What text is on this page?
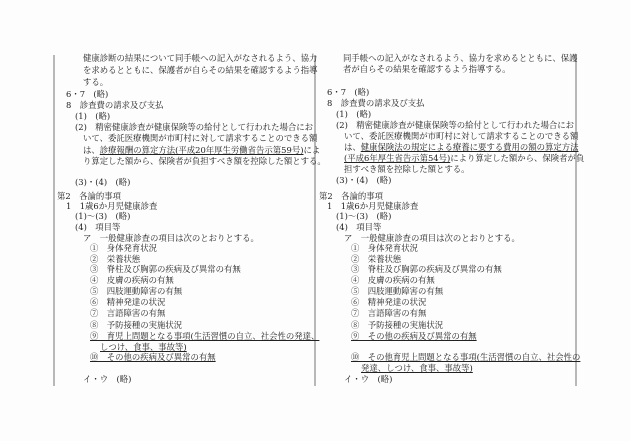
健康診断の結果について同手帳への記入がなされるよう、協力
を求めるとともに、保護者が自らその結果を確認するよう指導
する。
6・7　(略)
8　診査費の請求及び支払
(1)　(略)
(2)　精密健康診査が健康保険等の給付として行われた場合にお
いて、委託医療機関が市町村に対して請求することのできる額
は、診療報酬の算定方法(平成20年厚生労働省告示第59号)によ
り算定した額から、保険者が負担すべき額を控除した額とする。
(3)・(4)　(略)
第2　各論的事項
1　1歳6か月児健康診査
(1)～(3)　(略)
(4)　項目等
ア　一般健康診査の項目は次のとおりとする。
①　身体発育状況
②　栄養状態
③　脊柱及び胸郭の疾病及び異常の有無
④　皮膚の疾病の有無
⑤　四肢運動障害の有無
⑥　精神発達の状況
⑦　言語障害の有無
⑧　予防接種の実施状況
⑨　育児上問題となる事項(生活習慣の自立、社会性の発達、
しつけ、食事、事故等)
⑩　その他の疾病及び異常の有無
イ・ウ　(略)
同手帳への記入がなされるよう、協力を求めるとともに、保護
者が自らその結果を確認するよう指導する。
6・7　(略)
8　診査費の請求及び支払
(1)　(略)
(2)　精密健康診査が健康保険等の給付として行われた場合にお
いて、委託医療機関が市町村に対して請求することのできる額
は、健康保険法の規定による療養に要する費用の額の算定方法
(平成6年厚生省告示第54号)により算定した額から、保険者が負
担すべき額を控除した額とする。
(3)・(4)　(略)
第2　各論的事項
1　1歳6か月児健康診査
(1)～(3)　(略)
(4)　項目等
ア　一般健康診査の項目は次のとおりとする。
①　身体発育状況
②　栄養状態
③　脊柱及び胸郭の疾病及び異常の有無
④　皮膚の疾病の有無
⑤　四肢運動障害の有無
⑥　精神発達の状況
⑦　言語障害の有無
⑧　予防接種の実施状況
⑨　その他の疾病及び異常の有無
⑩　その他育児上問題となる事項(生活習慣の自立、社会性の
発達、しつけ、食事、事故等)
イ・ウ　(略)
